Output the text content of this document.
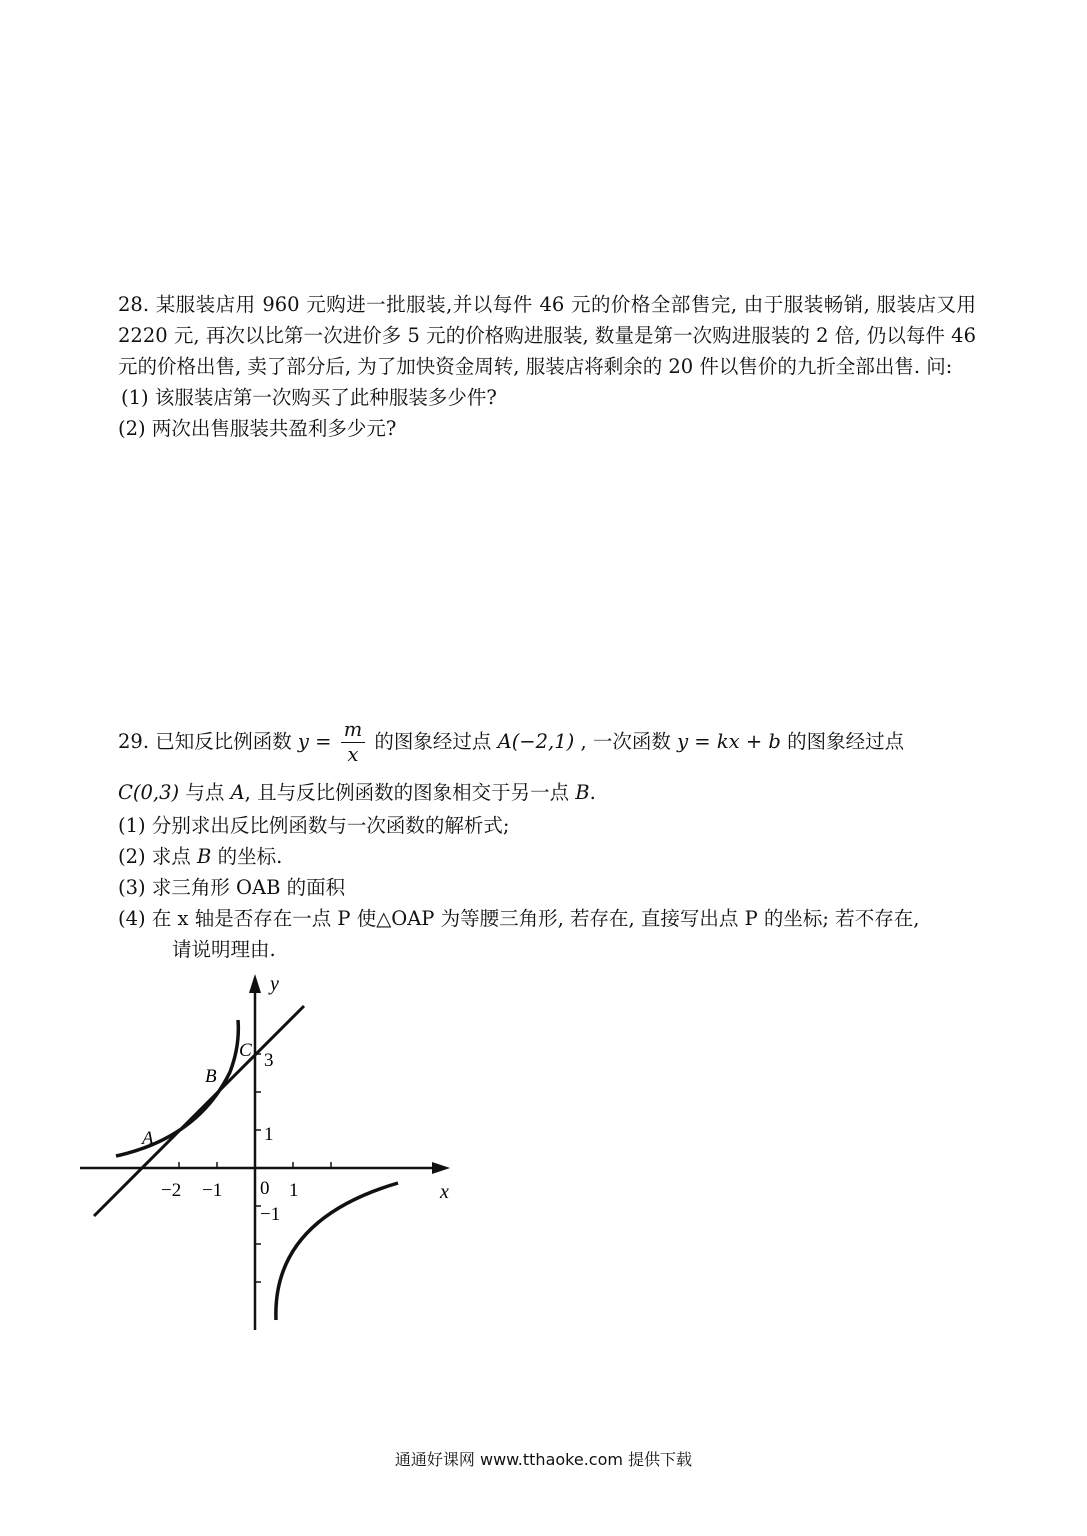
28. 某服装店用 960 元购进一批服装,并以每件 46 元的价格全部售完, 由于服装畅销, 服装店又用 2220 元, 再次以比第一次进价多 5 元的价格购进服装, 数量是第一次购进服装的 2 倍, 仍以每件 46 元的价格出售, 卖了部分后, 为了加快资金周转, 服装店将剩余的 20 件以售价的九折全部出售. 问:

(1) 该服装店第一次购买了此种服装多少件?

(2) 两次出售服装共盈利多少元?

29. 已知反比例函数 $y = \frac{m}{x}$ 的图象经过点 A(−2,1) , 一次函数 y = kx + b 的图象经过点
C(0,3) 与点 A, 且与反比例函数的图象相交于另一点 B.

(1) 分别求出反比例函数与一次函数的解析式;

(2) 求点 B 的坐标.

(3) 求三角形 OAB 的面积

(4) 在 x 轴是否存在一点 P 使△OAP 为等腰三角形, 若存在, 直接写出点 P 的坐标; 若不存在,

请说明理由.

y
x
0
−2 −1	1
3
1
−1
A
B
C
通通好课网 www.tthaoke.com 提供下载
